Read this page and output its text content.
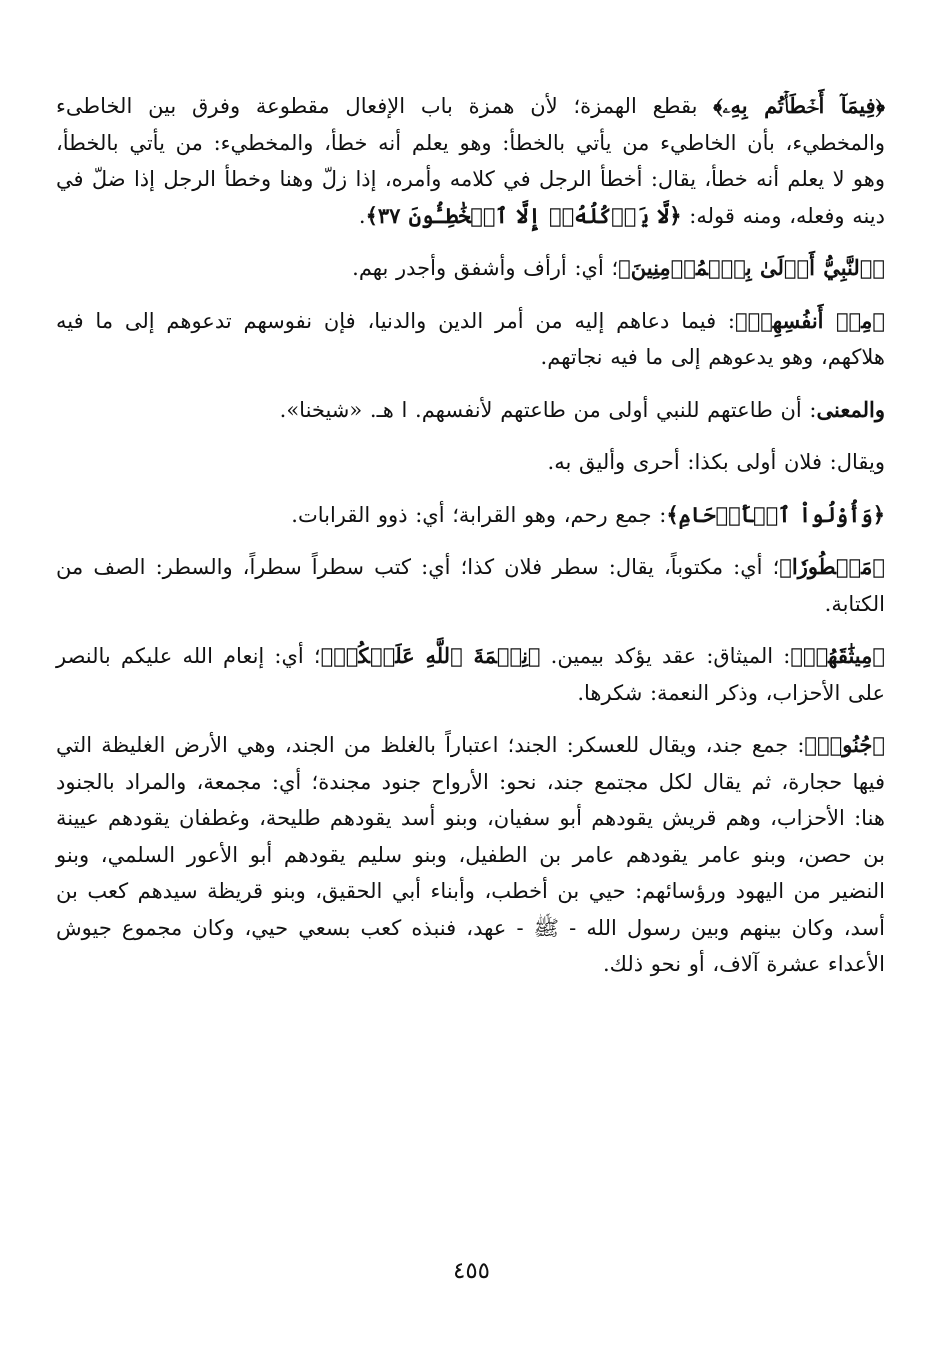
﴿فِيمَآ أَخۡطَأۡتُم بِهِۦ﴾ بقطع الهمزة؛ لأن همزة باب الإفعال مقطوعة وفرق بين الخاطىء والمخطيء، بأن الخاطيء من يأتي بالخطأ: وهو يعلم أنه خطأ، والمخطيء: من يأتي بالخطأ، وهو لا يعلم أنه خطأ، يقال: أخطأ الرجل في كلامه وأمره، إذا زلّ وهنا وخطأ الرجل إذا ضلّ في دينه وفعله، ومنه قوله: ﴿لَّا يَأۡكُلُهُۥٓ إِلَّا ٱلۡخَٰطِـُٔونَ ٣٧﴾.

﴿ٱلنَّبِيُّ أَوۡلَىٰ بِٱلۡمُؤۡمِنِينَ﴾؛ أي: أرأف وأشفق وأجدر بهم.

﴿مِنۡ أَنفُسِهِمۡ﴾: فيما دعاهم إليه من أمر الدين والدنيا، فإن نفوسهم تدعوهم إلى ما فيه هلاكهم، وهو يدعوهم إلى ما فيه نجاتهم.

والمعنى: أن طاعتهم للنبي أولى من طاعتهم لأنفسهم. ا هـ. «شيخنا».

ويقال: فلان أولى بكذا: أحرى وأليق به.

﴿وَأُوْلُواْ ٱلۡأَرۡحَامِ﴾: جمع رحم، وهو القرابة؛ أي: ذوو القرابات.

﴿مَسۡطُورٗا﴾؛ أي: مكتوباً، يقال: سطر فلان كذا؛ أي: كتب سطراً سطراً، والسطر: الصف من الكتابة.

﴿مِيثَٰقَهُمۡ﴾: الميثاق: عقد يؤكد بيمين. ﴿نِعۡمَةَ ٱللَّهِ عَلَيۡكُمۡ﴾؛ أي: إنعام الله عليكم بالنصر على الأحزاب، وذكر النعمة: شكرها.

﴿جُنُودٞ﴾: جمع جند، ويقال للعسكر: الجند؛ اعتباراً بالغلظ من الجند، وهي الأرض الغليظة التي فيها حجارة، ثم يقال لكل مجتمع جند، نحو: الأرواح جنود مجندة؛ أي: مجمعة، والمراد بالجنود هنا: الأحزاب، وهم قريش يقودهم أبو سفيان، وبنو أسد يقودهم طليحة، وغطفان يقودهم عيينة بن حصن، وبنو عامر يقودهم عامر بن الطفيل، وبنو سليم يقودهم أبو الأعور السلمي، وبنو النضير من اليهود ورؤسائهم: حيي بن أخطب، وأبناء أبي الحقيق، وبنو قريظة سيدهم كعب بن أسد، وكان بينهم وبين رسول الله - ﷺ - عهد، فنبذه كعب بسعي حيي، وكان مجموع جيوش الأعداء عشرة آلاف، أو نحو ذلك.

٤٥٥
